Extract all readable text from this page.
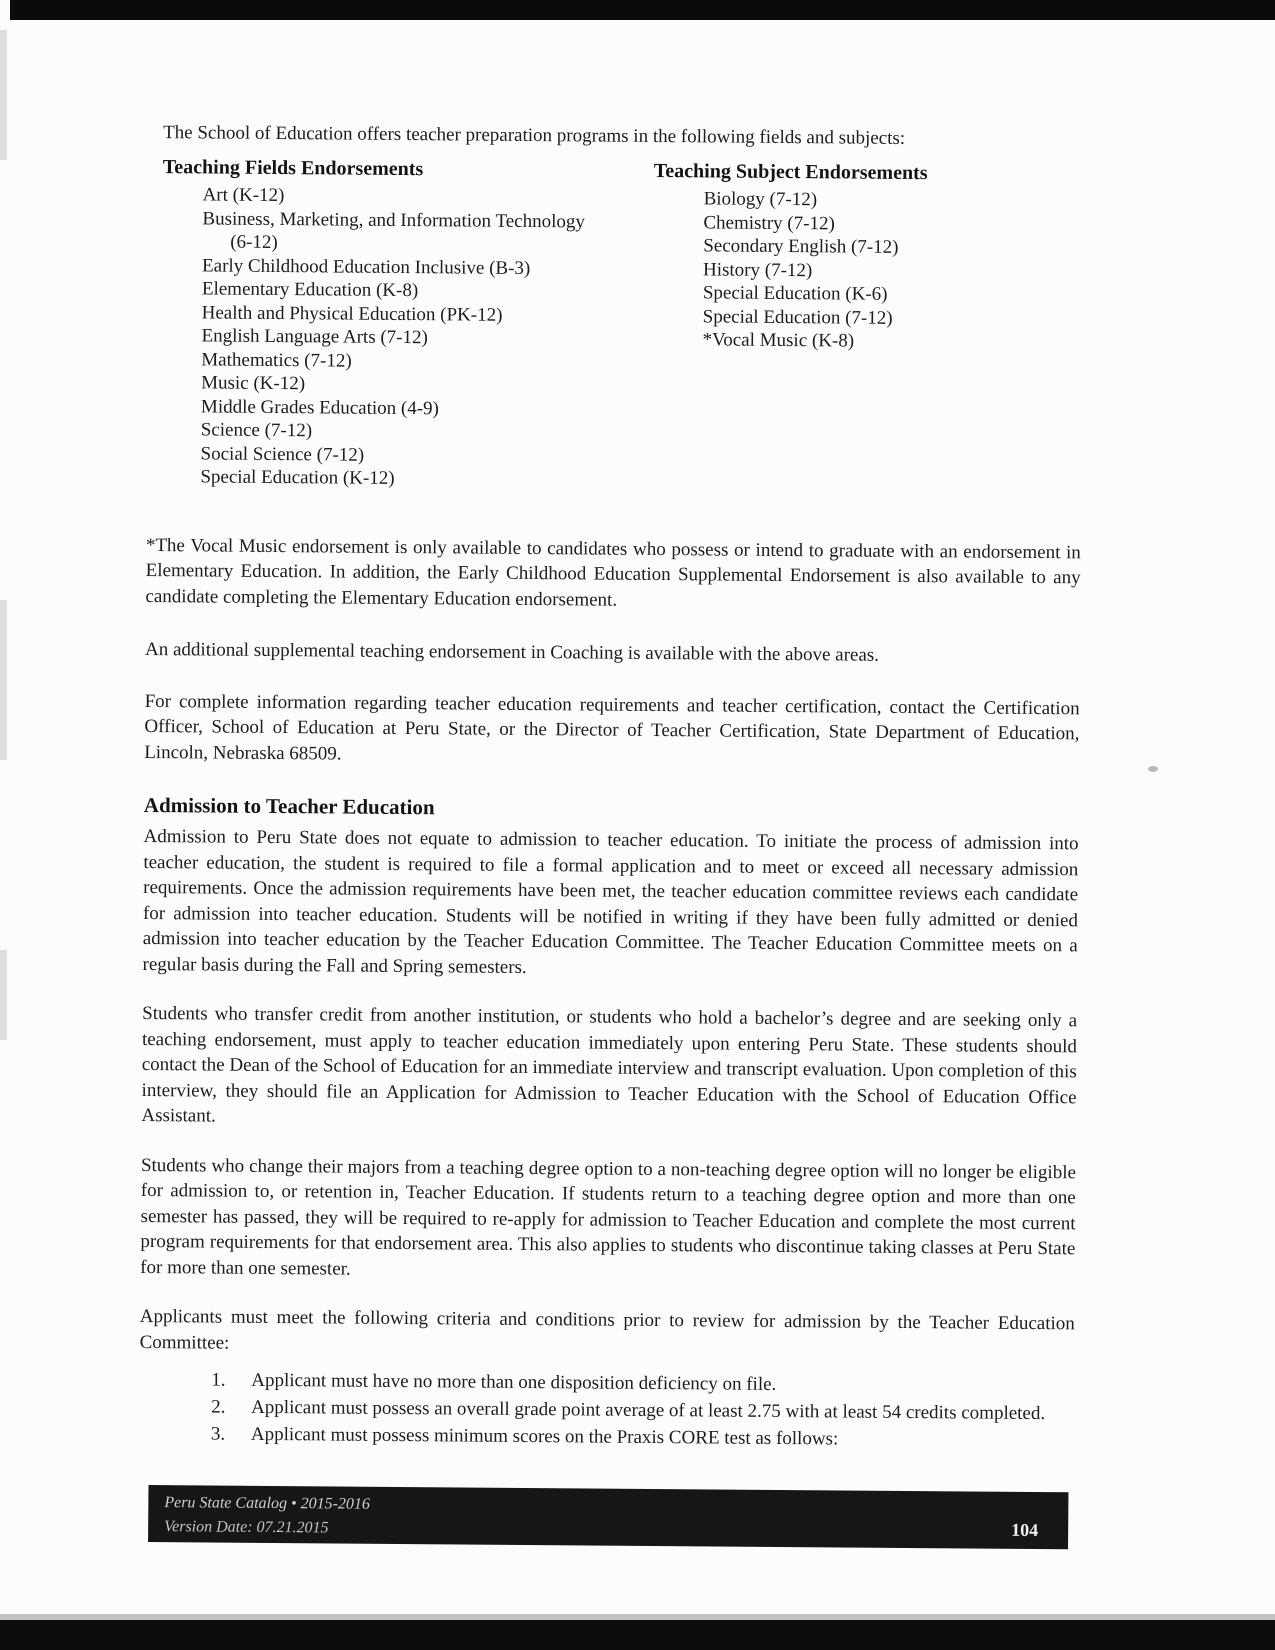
The School of Education offers teacher preparation programs in the following fields and subjects:

Teaching Fields Endorsements
Art (K-12)
Business, Marketing, and Information Technology (6-12)
Early Childhood Education Inclusive (B-3)
Elementary Education (K-8)
Health and Physical Education (PK-12)
English Language Arts (7-12)
Mathematics (7-12)
Music (K-12)
Middle Grades Education (4-9)
Science (7-12)
Social Science (7-12)
Special Education (K-12)
Teaching Subject Endorsements
Biology (7-12)
Chemistry (7-12)
Secondary English (7-12)
History (7-12)
Special Education (K-6)
Special Education (7-12)
*Vocal Music (K-8)

*The Vocal Music endorsement is only available to candidates who possess or intend to graduate with an endorsement in Elementary Education. In addition, the Early Childhood Education Supplemental Endorsement is also available to any candidate completing the Elementary Education endorsement.

An additional supplemental teaching endorsement in Coaching is available with the above areas.

For complete information regarding teacher education requirements and teacher certification, contact the Certification Officer, School of Education at Peru State, or the Director of Teacher Certification, State Department of Education, Lincoln, Nebraska 68509.

Admission to Teacher Education

Admission to Peru State does not equate to admission to teacher education. To initiate the process of admission into teacher education, the student is required to file a formal application and to meet or exceed all necessary admission requirements. Once the admission requirements have been met, the teacher education committee reviews each candidate for admission into teacher education. Students will be notified in writing if they have been fully admitted or denied admission into teacher education by the Teacher Education Committee. The Teacher Education Committee meets on a regular basis during the Fall and Spring semesters.

Students who transfer credit from another institution, or students who hold a bachelor’s degree and are seeking only a teaching endorsement, must apply to teacher education immediately upon entering Peru State. These students should contact the Dean of the School of Education for an immediate interview and transcript evaluation. Upon completion of this interview, they should file an Application for Admission to Teacher Education with the School of Education Office Assistant.

Students who change their majors from a teaching degree option to a non-teaching degree option will no longer be eligible for admission to, or retention in, Teacher Education. If students return to a teaching degree option and more than one semester has passed, they will be required to re-apply for admission to Teacher Education and complete the most current program requirements for that endorsement area. This also applies to students who discontinue taking classes at Peru State for more than one semester.

Applicants must meet the following criteria and conditions prior to review for admission by the Teacher Education Committee:

1.	Applicant must have no more than one disposition deficiency on file.
2.	Applicant must possess an overall grade point average of at least 2.75 with at least 54 credits completed.
3.	Applicant must possess minimum scores on the Praxis CORE test as follows:
Peru State Catalog • 2015-2016
Version Date: 07.21.2015	104
